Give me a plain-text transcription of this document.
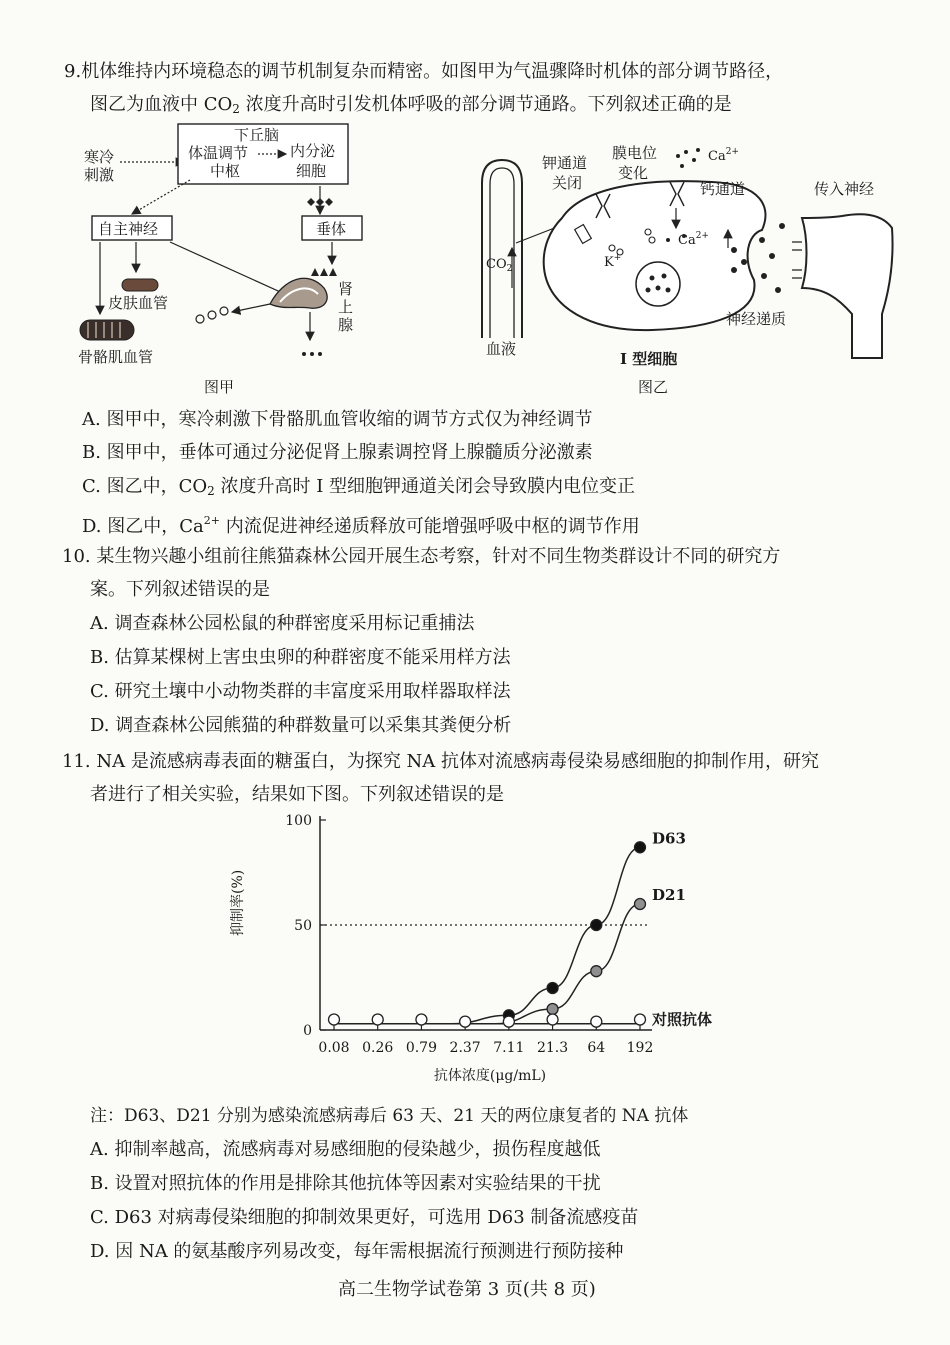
9.机体维持内环境稳态的调节机制复杂而精密。如图甲为气温骤降时机体的部分调节路径，
图乙为血液中 $CO_2$ 浓度升高时引发机体呼吸的部分调节通路。下列叙述正确的是
寒冷
刺激
下丘脑
体温调节
中枢
内分泌
细胞
自主神经	垂体
皮肤血管
肾
上
腺
骨骼肌血管
图甲
$CO_2$
血液
钾通道
关闭
K+
膜电位
变化
$Ca^{2+}$
钙通道
$Ca^{2+}$
神经递质
传入神经
I 型细胞
图乙
A. 图甲中，寒冷刺激下骨骼肌血管收缩的调节方式仅为神经调节
B. 图甲中，垂体可通过分泌促肾上腺素调控肾上腺髓质分泌激素
C. 图乙中，$CO_2$ 浓度升高时 I 型细胞钾通道关闭会导致膜内电位变正
D. 图乙中，$Ca^{2+}$ 内流促进神经递质释放可能增强呼吸中枢的调节作用
10. 某生物兴趣小组前往熊猫森林公园开展生态考察，针对不同生物类群设计不同的研究方
案。下列叙述错误的是
A. 调查森林公园松鼠的种群密度采用标记重捕法
B. 估算某棵树上害虫虫卵的种群密度不能采用样方法
C. 研究土壤中小动物类群的丰富度采用取样器取样法
D. 调查森林公园熊猫的种群数量可以采集其粪便分析
11. NA 是流感病毒表面的糖蛋白，为探究 NA 抗体对流感病毒侵染易感细胞的抑制作用，研究
者进行了相关实验，结果如下图。下列叙述错误的是
0
50
100
0.08 0.26 0.79 2.37 7.11 21.3 64 192
抑制率(%)
抗体浓度(μg/mL)
D63
D21
对照抗体
注：D63、D21 分别为感染流感病毒后 63 天、21 天的两位康复者的 NA 抗体
A. 抑制率越高，流感病毒对易感细胞的侵染越少，损伤程度越低
B. 设置对照抗体的作用是排除其他抗体等因素对实验结果的干扰
C. D63 对病毒侵染细胞的抑制效果更好，可选用 D63 制备流感疫苗
D. 因 NA 的氨基酸序列易改变，每年需根据流行预测进行预防接种
高二生物学试卷第 3 页(共 8 页)
